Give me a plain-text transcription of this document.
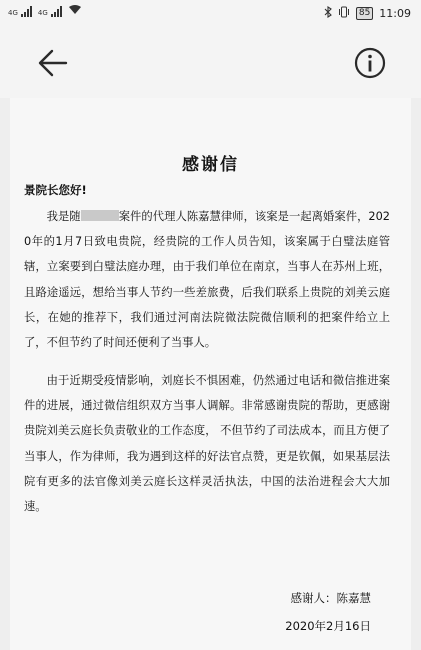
4G	4G	85 11:09
感谢信
景院长您好!
我是随	案件的代理人陈嘉慧律师，该案是一起离婚案件，2020年的1月7日致电贵院，经贵院的工作人员告知，该案属于白璧法庭管辖，立案要到白璧法庭办理，由于我们单位在南京，当事人在苏州上班，且路途遥远，想给当事人节约一些差旅费，后我们联系上贵院的刘美云庭长，在她的推荐下，我们通过河南法院微法院微信顺利的把案件给立上了，不但节约了时间还便利了当事人。
由于近期受疫情影响，刘庭长不惧困难，仍然通过电话和微信推进案件的进展，通过微信组织双方当事人调解。非常感谢贵院的帮助，更感谢贵院刘美云庭长负责敬业的工作态度， 不但节约了司法成本，而且方便了当事人，作为律师，我为遇到这样的好法官点赞，更是钦佩，如果基层法院有更多的法官像刘美云庭长这样灵活执法，中国的法治进程会大大加速。
感谢人：陈嘉慧
2020年2月16日
